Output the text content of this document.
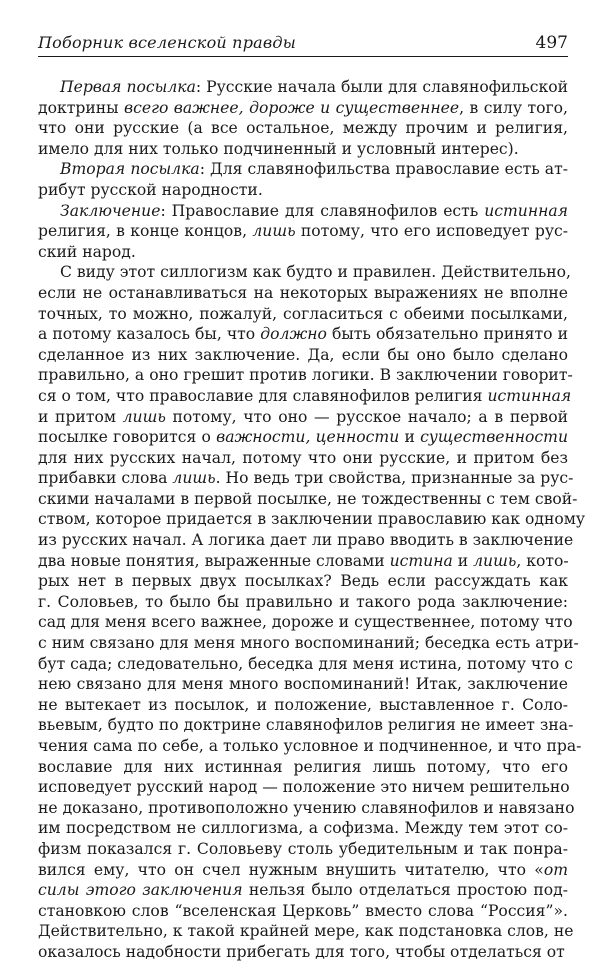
Поборник вселенской правды	497
Первая посылка: Русские начала были для славянофильской
доктрины всего важнее, дороже и существеннее, в силу того,
что они русские (а все остальное, между прочим и религия,
имело для них только подчиненный и условный интерес).
Вторая посылка: Для славянофильства православие есть ат-
рибут русской народности.
Заключение: Православие для славянофилов есть истинная
религия, в конце концов, лишь потому, что его исповедует рус-
ский народ.
С виду этот силлогизм как будто и правилен. Действительно,
если не останавливаться на некоторых выражениях не вполне
точных, то можно, пожалуй, согласиться с обеими посылками,
а потому казалось бы, что должно быть обязательно принято и
сделанное из них заключение. Да, если бы оно было сделано
правильно, а оно грешит против логики. В заключении говорит-
ся о том, что православие для славянофилов религия истинная
и притом лишь потому, что оно — русское начало; а в первой
посылке говорится о важности, ценности и существенности
для них русских начал, потому что они русские, и притом без
прибавки слова лишь. Но ведь три свойства, признанные за рус-
скими началами в первой посылке, не тождественны с тем свой-
ством, которое придается в заключении православию как одному
из русских начал. А логика дает ли право вводить в заключение
два новые понятия, выраженные словами истина и лишь, кото-
рых нет в первых двух посылках? Ведь если рассуждать как
г. Соловьев, то было бы правильно и такого рода заключение:
сад для меня всего важнее, дороже и существеннее, потому что
с ним связано для меня много воспоминаний; беседка есть атри-
бут сада; следовательно, беседка для меня истина, потому что с
нею связано для меня много воспоминаний! Итак, заключение
не вытекает из посылок, и положение, выставленное г. Соло-
вьевым, будто по доктрине славянофилов религия не имеет зна-
чения сама по себе, а только условное и подчиненное, и что пра-
вославие для них истинная религия лишь потому, что его
исповедует русский народ — положение это ничем решительно
не доказано, противоположно учению славянофилов и навязано
им посредством не силлогизма, а софизма. Между тем этот со-
физм показался г. Соловьеву столь убедительным и так понра-
вился ему, что он счел нужным внушить читателю, что «от
силы этого заключения нельзя было отделаться простою под-
становкою слов “вселенская Церковь” вместо слова “Россия”».
Действительно, к такой крайней мере, как подстановка слов, не
оказалось надобности прибегать для того, чтобы отделаться от
